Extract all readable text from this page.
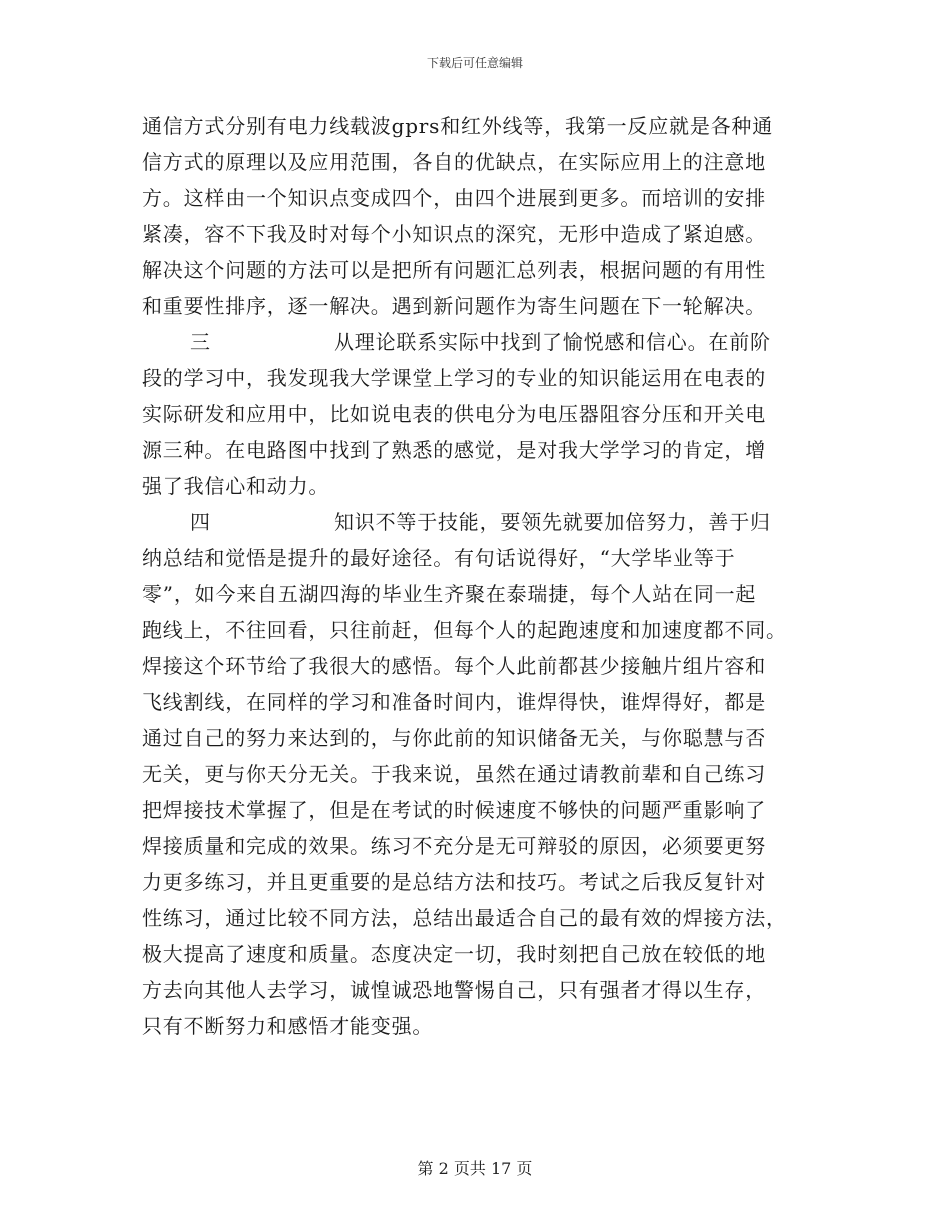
下载后可任意编辑
通信方式分别有电力线载波gprs和红外线等，我第一反应就是各种通
信方式的原理以及应用范围，各自的优缺点，在实际应用上的注意地
方。这样由一个知识点变成四个，由四个进展到更多。而培训的安排
紧凑，容不下我及时对每个小知识点的深究，无形中造成了紧迫感。
解决这个问题的方法可以是把所有问题汇总列表，根据问题的有用性
和重要性排序，逐一解决。遇到新问题作为寄生问题在下一轮解决。
三	从理论联系实际中找到了愉悦感和信心。在前阶
段的学习中，我发现我大学课堂上学习的专业的知识能运用在电表的
实际研发和应用中，比如说电表的供电分为电压器阻容分压和开关电
源三种。在电路图中找到了熟悉的感觉，是对我大学学习的肯定，增
强了我信心和动力。
四	知识不等于技能，要领先就要加倍努力，善于归
纳总结和觉悟是提升的最好途径。有句话说得好，“大学毕业等于
零”，如今来自五湖四海的毕业生齐聚在泰瑞捷，每个人站在同一起
跑线上，不往回看，只往前赶，但每个人的起跑速度和加速度都不同。
焊接这个环节给了我很大的感悟。每个人此前都甚少接触片组片容和
飞线割线，在同样的学习和准备时间内，谁焊得快，谁焊得好，都是
通过自己的努力来达到的，与你此前的知识储备无关，与你聪慧与否
无关，更与你天分无关。于我来说，虽然在通过请教前辈和自己练习
把焊接技术掌握了，但是在考试的时候速度不够快的问题严重影响了
焊接质量和完成的效果。练习不充分是无可辩驳的原因，必须要更努
力更多练习，并且更重要的是总结方法和技巧。考试之后我反复针对
性练习，通过比较不同方法，总结出最适合自己的最有效的焊接方法，
极大提高了速度和质量。态度决定一切，我时刻把自己放在较低的地
方去向其他人去学习，诚惶诚恐地警惕自己，只有强者才得以生存，
只有不断努力和感悟才能变强。
第 2 页共 17 页
